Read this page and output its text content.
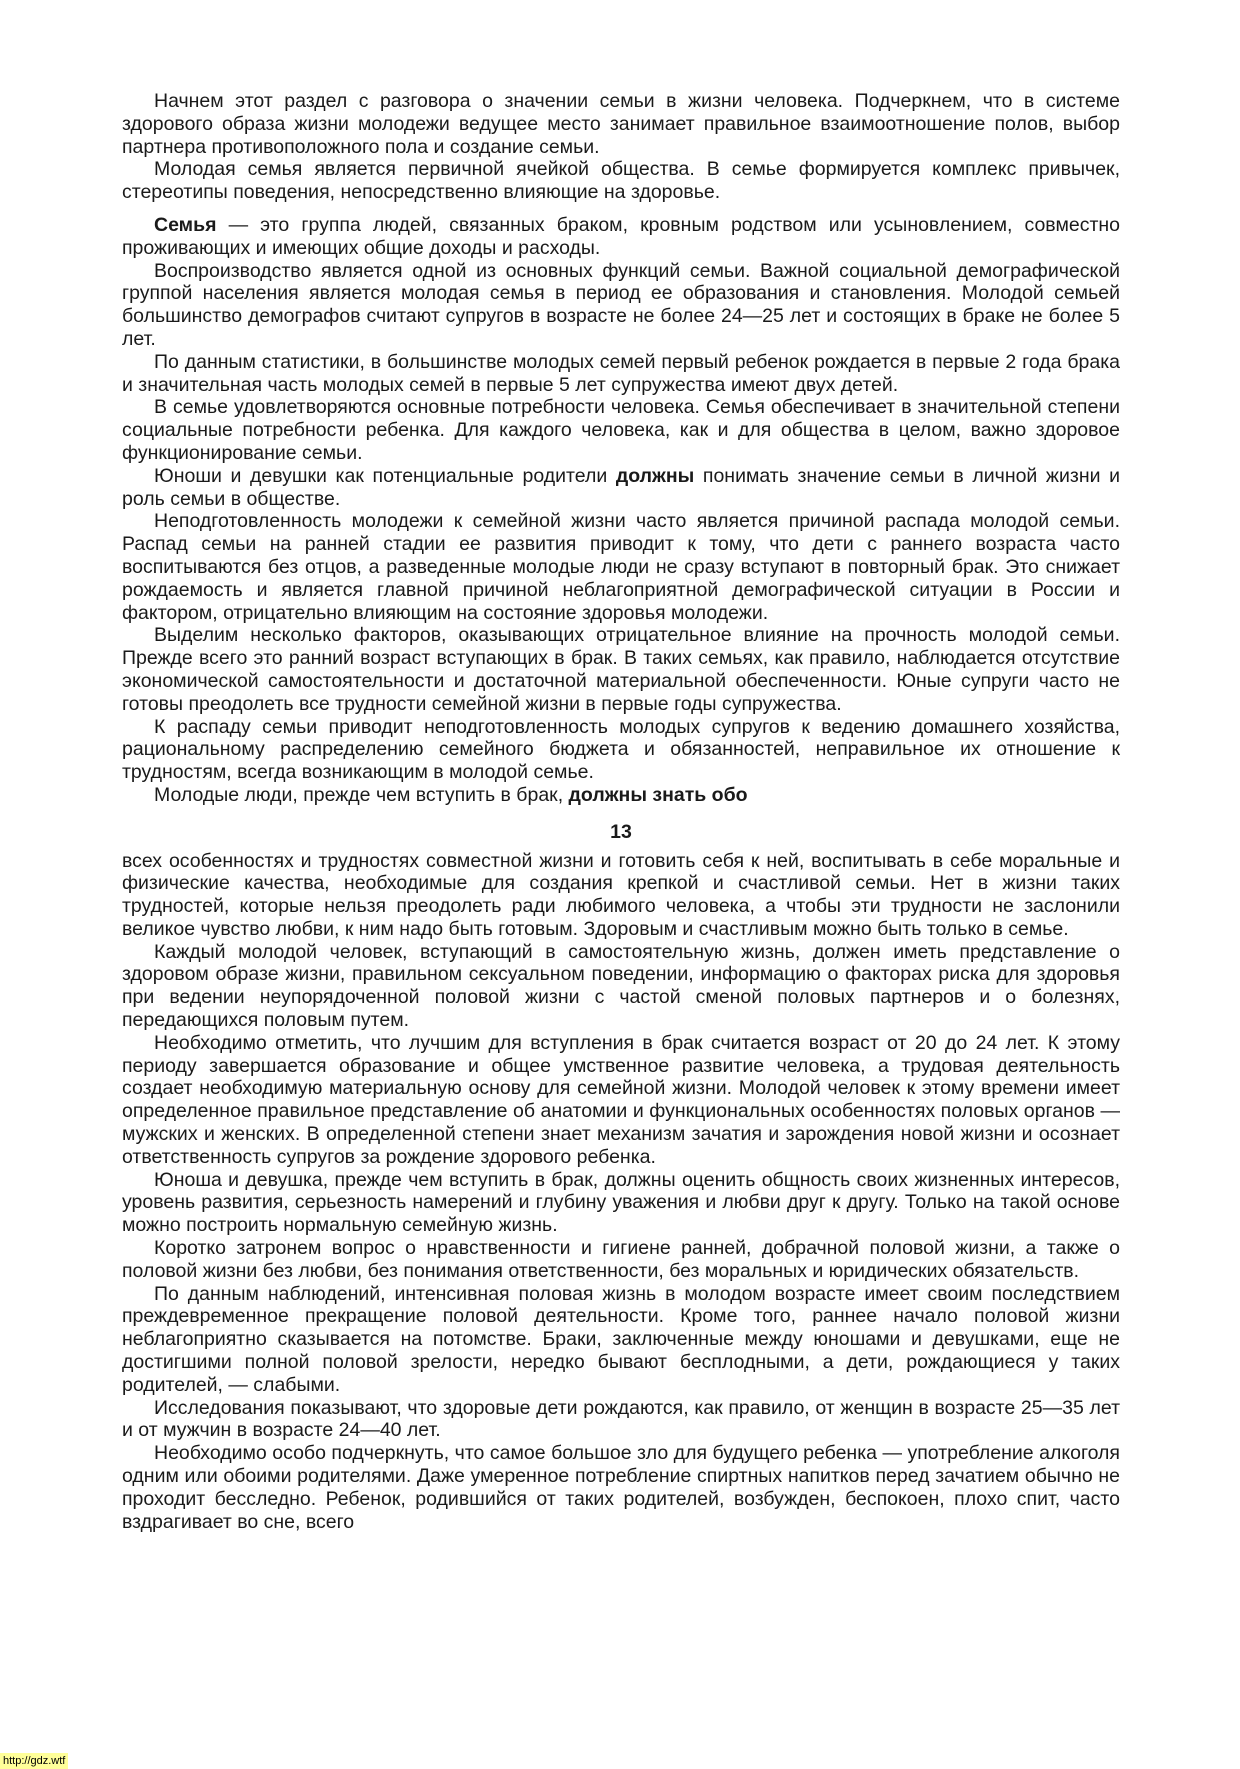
Начнем этот раздел с разговора о значении семьи в жизни человека. Подчеркнем, что в системе здорового образа жизни молодежи ведущее место занимает правильное взаимоотношение полов, выбор партнера противоположного пола и создание семьи.

Молодая семья является первичной ячейкой общества. В семье формируется комплекс привычек, стереотипы поведения, непосредственно влияющие на здоровье.

Семья — это группа людей, связанных браком, кровным родством или усыновлением, совместно проживающих и имеющих общие доходы и расходы.

Воспроизводство является одной из основных функций семьи. Важной социальной демографической группой населения является молодая семья в период ее образования и становления. Молодой семьей большинство демографов считают супругов в возрасте не более 24—25 лет и состоящих в браке не более 5 лет.

По данным статистики, в большинстве молодых семей первый ребенок рождается в первые 2 года брака и значительная часть молодых семей в первые 5 лет супружества имеют двух детей.

В семье удовлетворяются основные потребности человека. Семья обеспечивает в значительной степени социальные потребности ребенка. Для каждого человека, как и для общества в целом, важно здоровое функционирование семьи.

Юноши и девушки как потенциальные родители должны понимать значение семьи в личной жизни и роль семьи в обществе.

Неподготовленность молодежи к семейной жизни часто является причиной распада молодой семьи. Распад семьи на ранней стадии ее развития приводит к тому, что дети с раннего возраста часто воспитываются без отцов, а разведенные молодые люди не сразу вступают в повторный брак. Это снижает рождаемость и является главной причиной неблагоприятной демографической ситуации в России и фактором, отрицательно влияющим на состояние здоровья молодежи.

Выделим несколько факторов, оказывающих отрицательное влияние на прочность молодой семьи. Прежде всего это ранний возраст вступающих в брак. В таких семьях, как правило, наблюдается отсутствие экономической самостоятельности и достаточной материальной обеспеченности. Юные супруги часто не готовы преодолеть все трудности семейной жизни в первые годы супружества.

К распаду семьи приводит неподготовленность молодых супругов к ведению домашнего хозяйства, рациональному распределению семейного бюджета и обязанностей, неправильное их отношение к трудностям, всегда возникающим в молодой семье.

Молодые люди, прежде чем вступить в брак, должны знать обо

13

всех особенностях и трудностях совместной жизни и готовить себя к ней, воспитывать в себе моральные и физические качества, необходимые для создания крепкой и счастливой семьи. Нет в жизни таких трудностей, которые нельзя преодолеть ради любимого человека, а чтобы эти трудности не заслонили великое чувство любви, к ним надо быть готовым. Здоровым и счастливым можно быть только в семье.

Каждый молодой человек, вступающий в самостоятельную жизнь, должен иметь представление о здоровом образе жизни, правильном сексуальном поведении, информацию о факторах риска для здоровья при ведении неупорядоченной половой жизни с частой сменой половых партнеров и о болезнях, передающихся половым путем.

Необходимо отметить, что лучшим для вступления в брак считается возраст от 20 до 24 лет. К этому периоду завершается образование и общее умственное развитие человека, а трудовая деятельность создает необходимую материальную основу для семейной жизни. Молодой человек к этому времени имеет определенное правильное представление об анатомии и функциональных особенностях половых органов — мужских и женских. В определенной степени знает механизм зачатия и зарождения новой жизни и осознает ответственность супругов за рождение здорового ребенка.

Юноша и девушка, прежде чем вступить в брак, должны оценить общность своих жизненных интересов, уровень развития, серьезность намерений и глубину уважения и любви друг к другу. Только на такой основе можно построить нормальную семейную жизнь.

Коротко затронем вопрос о нравственности и гигиене ранней, добрачной половой жизни, а также о половой жизни без любви, без понимания ответственности, без моральных и юридических обязательств.

По данным наблюдений, интенсивная половая жизнь в молодом возрасте имеет своим последствием преждевременное прекращение половой деятельности. Кроме того, раннее начало половой жизни неблагоприятно сказывается на потомстве. Браки, заключенные между юношами и девушками, еще не достигшими полной половой зрелости, нередко бывают бесплодными, а дети, рождающиеся у таких родителей, — слабыми.

Исследования показывают, что здоровые дети рождаются, как правило, от женщин в возрасте 25—35 лет и от мужчин в возрасте 24—40 лет.

Необходимо особо подчеркнуть, что самое большое зло для будущего ребенка — употребление алкоголя одним или обоими родителями. Даже умеренное потребление спиртных напитков перед зачатием обычно не проходит бесследно. Ребенок, родившийся от таких родителей, возбужден, беспокоен, плохо спит, часто вздрагивает во сне, всего

http://gdz.wtf
